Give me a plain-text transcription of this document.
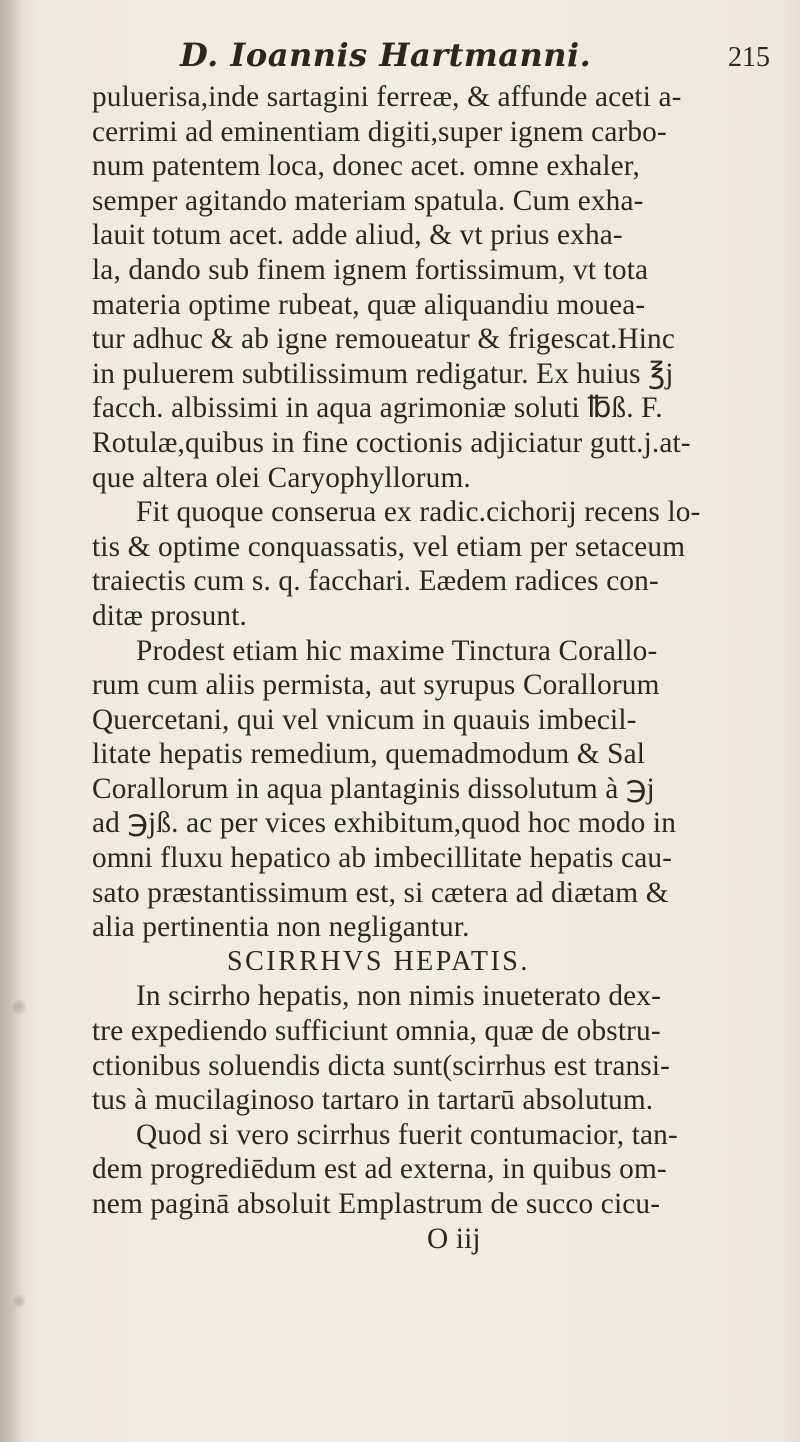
D. Ioannis Hartmanni.	215
puluerisa,inde sartagini ferreæ, & affunde aceti a-
cerrimi ad eminentiam digiti,super ignem carbo-
num patentem loca, donec acet. omne exhaler,
semper agitando materiam spatula. Cum exha-
lauit totum acet. adde aliud, & vt prius exha-
la, dando sub finem ignem fortissimum, vt tota
materia optime rubeat, quæ aliquandiu mouea-
tur adhuc & ab igne remoueatur & frigescat.Hinc
in puluerem subtilissimum redigatur. Ex huius ℥j
facch. albissimi in aqua agrimoniæ soluti ℔ß. F.
Rotulæ,quibus in fine coctionis adjiciatur gutt.j.at-
que altera olei Caryophyllorum.
Fit quoque conserua ex radic.cichorij recens lo-
tis & optime conquassatis, vel etiam per setaceum
traiectis cum s. q. facchari. Eædem radices con-
ditæ prosunt.
Prodest etiam hic maxime Tinctura Corallo-
rum cum aliis permista, aut syrupus Corallorum
Quercetani, qui vel vnicum in quauis imbecil-
litate hepatis remedium, quemadmodum & Sal
Corallorum in aqua plantaginis dissolutum à ℈j
ad ℈jß. ac per vices exhibitum,quod hoc modo in
omni fluxu hepatico ab imbecillitate hepatis cau-
sato præstantissimum est, si cætera ad diætam &
alia pertinentia non negligantur.
SCIRRHVS HEPATIS.
In scirrho hepatis, non nimis inueterato dex-
tre expediendo sufficiunt omnia, quæ de obstru-
ctionibus soluendis dicta sunt(scirrhus est transi-
tus à mucilaginoso tartaro in tartarū absolutum.
Quod si vero scirrhus fuerit contumacior, tan-
dem progrediēdum est ad externa, in quibus om-
nem paginā absoluit Emplastrum de succo cicu-
O iij
